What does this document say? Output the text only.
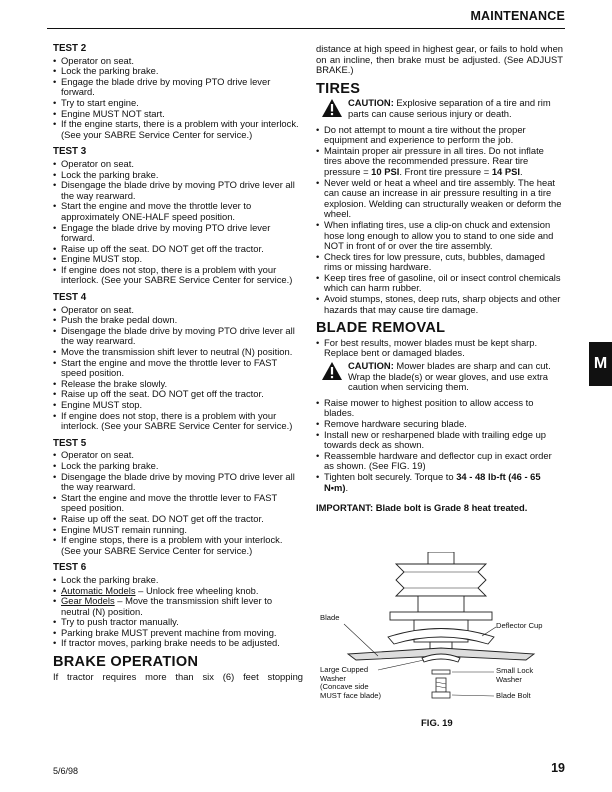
MAINTENANCE
TEST 2
• Operator on seat.
• Lock the parking brake.
• Engage the blade drive by moving PTO drive lever forward.
• Try to start engine.
• Engine MUST NOT start.
• If the engine starts, there is a problem with your interlock. (See your SABRE Service Center for service.)
TEST 3
• Operator on seat.
• Lock the parking brake.
• Disengage the blade drive by moving PTO drive lever all the way rearward.
• Start the engine and move the throttle lever to approximately ONE-HALF speed position.
• Engage the blade drive by moving PTO drive lever forward.
• Raise up off the seat. DO NOT get off the tractor.
• Engine MUST stop.
• If engine does not stop, there is a problem with your interlock. (See your SABRE Service Center for service.)
TEST 4
• Operator on seat.
• Push the brake pedal down.
• Disengage the blade drive by moving PTO drive lever all the way rearward.
• Move the transmission shift lever to neutral (N) position.
• Start the engine and move the throttle lever to FAST speed position.
• Release the brake slowly.
• Raise up off the seat. DO NOT get off the tractor.
• Engine MUST stop.
• If engine does not stop, there is a problem with your interlock. (See your SABRE Service Center for service.)
TEST 5
• Operator on seat.
• Lock the parking brake.
• Disengage the blade drive by moving PTO drive lever all the way rearward.
• Start the engine and move the throttle lever to FAST speed position.
• Raise up off the seat. DO NOT get off the tractor.
• Engine MUST remain running.
• If engine stops, there is a problem with your interlock. (See your SABRE Service Center for service.)
TEST 6
• Lock the parking brake.
• Automatic Models – Unlock free wheeling knob.
• Gear Models – Move the transmission shift lever to neutral (N) position.
• Try to push tractor manually.
• Parking brake MUST prevent machine from moving.
• If tractor moves, parking brake needs to be adjusted.
BRAKE OPERATION
If tractor requires more than six (6) feet stopping
distance at high speed in highest gear, or fails to hold when on an incline, then brake must be adjusted. (See ADJUST BRAKE.)
TIRES
CAUTION: Explosive separation of a tire and rim parts can cause serious injury or death.
• Do not attempt to mount a tire without the proper equipment and experience to perform the job.
• Maintain proper air pressure in all tires. Do not inflate tires above the recommended pressure. Rear tire pressure = 10 PSI. Front tire pressure = 14 PSI.
• Never weld or heat a wheel and tire assembly. The heat can cause an increase in air pressure resulting in a tire explosion. Welding can structurally weaken or deform the wheel.
• When inflating tires, use a clip-on chuck and extension hose long enough to allow you to stand to one side and NOT in front of or over the tire assembly.
• Check tires for low pressure, cuts, bubbles, damaged rims or missing hardware.
• Keep tires free of gasoline, oil or insect control chemicals which can harm rubber.
• Avoid stumps, stones, deep ruts, sharp objects and other hazards that may cause tire damage.
BLADE REMOVAL
• For best results, mower blades must be kept sharp. Replace bent or damaged blades.
CAUTION: Mower blades are sharp and can cut. Wrap the blade(s) or wear gloves, and use extra caution when servicing them.
• Raise mower to highest position to allow access to blades.
• Remove hardware securing blade.
• Install new or resharpened blade with trailing edge up towards deck as shown.
• Reassemble hardware and deflector cup in exact order as shown. (See FIG. 19)
• Tighten bolt securely. Torque to 34 - 48 lb-ft (46 - 65 N•m).
IMPORTANT: Blade bolt is Grade 8 heat treated.
Blade
Deflector Cup
Large Cupped
Washer
(Concave side
MUST face blade)
Small Lock
Washer
Blade Bolt
FIG. 19
M
5/6/98	19
